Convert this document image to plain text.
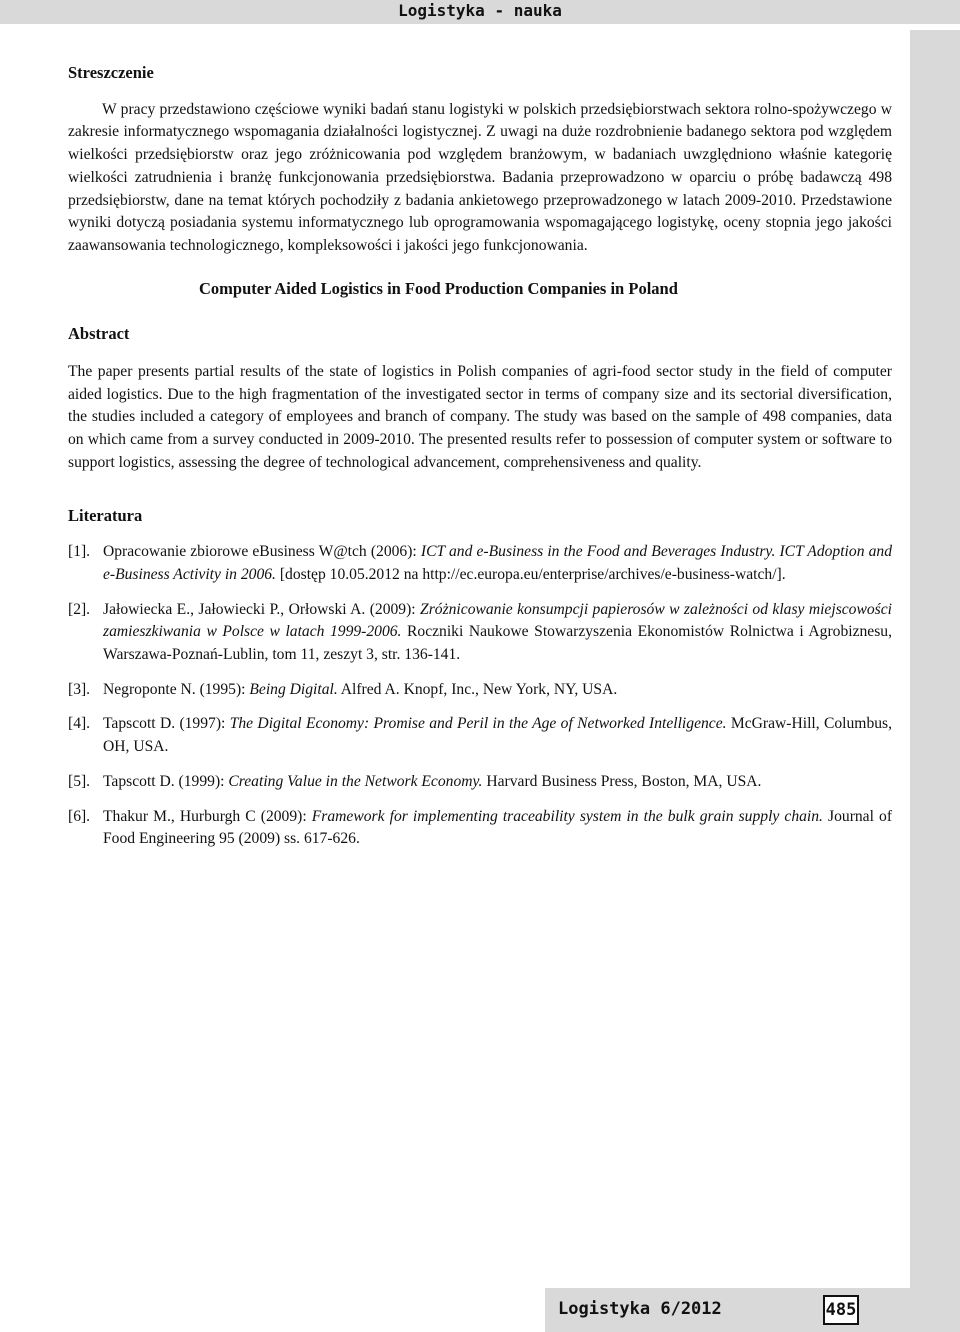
Logistyka - nauka
Streszczenie

W pracy przedstawiono częściowe wyniki badań stanu logistyki w polskich przedsiębiorstwach sektora rolno-spożywczego w zakresie informatycznego wspomagania działalności logistycznej. Z uwagi na duże rozdrobnienie badanego sektora pod względem wielkości przedsiębiorstw oraz jego zróżnicowania pod względem branżowym, w badaniach uwzględniono właśnie kategorię wielkości zatrudnienia i branżę funkcjonowania przedsiębiorstwa. Badania przeprowadzono w oparciu o próbę badawczą 498 przedsiębiorstw, dane na temat których pochodziły z badania ankietowego przeprowadzonego w latach 2009-2010. Przedstawione wyniki dotyczą posiadania systemu informatycznego lub oprogramowania wspomagającego logistykę, oceny stopnia jego jakości zaawansowania technologicznego, kompleksowości i jakości jego funkcjonowania.

Computer Aided Logistics in Food Production Companies in Poland
Abstract

The paper presents partial results of the state of logistics in Polish companies of agri-food sector study in the field of computer aided logistics. Due to the high fragmentation of the investigated sector in terms of company size and its sectorial diversification, the studies included a category of employees and branch of company. The study was based on the sample of 498 companies, data on which came from a survey conducted in 2009-2010. The presented results refer to possession of computer system or software to support logistics, assessing the degree of technological advancement, comprehensiveness and quality.

Literatura
[1]. Opracowanie zbiorowe eBusiness W@tch (2006): ICT and e-Business in the Food and Beverages Industry. ICT Adoption and e-Business Activity in 2006. [dostęp 10.05.2012 na http://ec.europa.eu/enterprise/archives/e-business-watch/].
[2]. Jałowiecka E., Jałowiecki P., Orłowski A. (2009): Zróżnicowanie konsumpcji papierosów w zależności od klasy miejscowości zamieszkiwania w Polsce w latach 1999-2006. Roczniki Naukowe Stowarzyszenia Ekonomistów Rolnictwa i Agrobiznesu, Warszawa-Poznań-Lublin, tom 11, zeszyt 3, str. 136-141.
[3]. Negroponte N. (1995): Being Digital. Alfred A. Knopf, Inc., New York, NY, USA.
[4]. Tapscott D. (1997): The Digital Economy: Promise and Peril in the Age of Networked Intelligence. McGraw-Hill, Columbus, OH, USA.
[5]. Tapscott D. (1999): Creating Value in the Network Economy. Harvard Business Press, Boston, MA, USA.
[6]. Thakur M., Hurburgh C (2009): Framework for implementing traceability system in the bulk grain supply chain. Journal of Food Engineering 95 (2009) ss. 617-626.
Logistyka 6/2012	485
